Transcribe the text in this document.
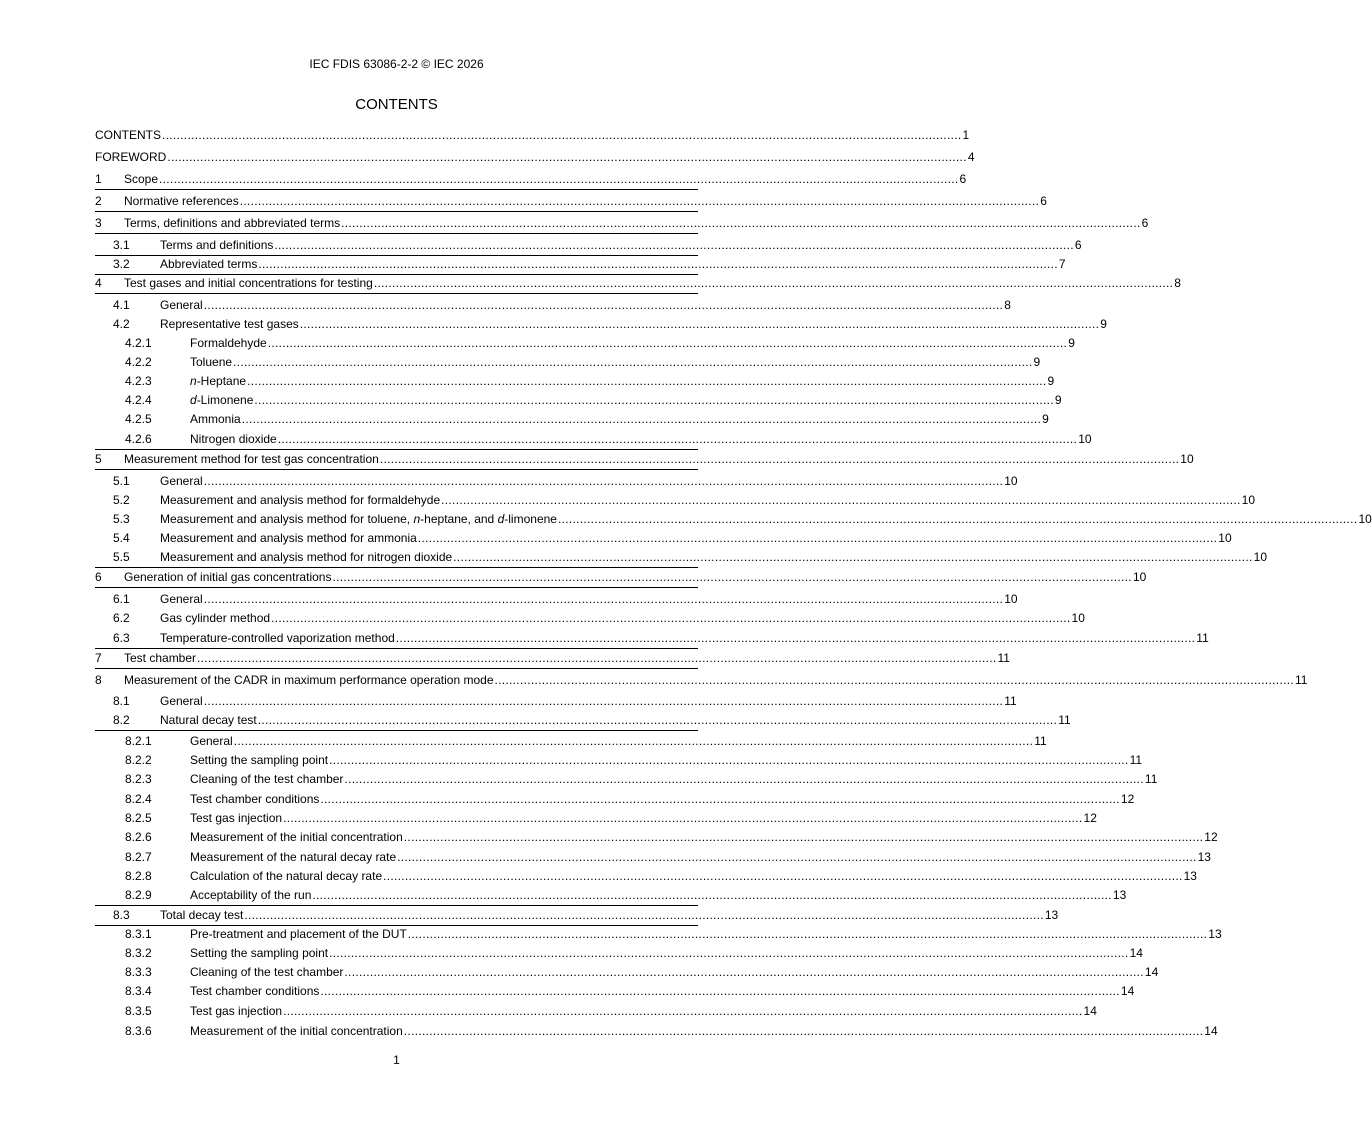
IEC FDIS 63086-2-2 © IEC 2026
CONTENTS
CONTENTS ............................................................................................................................................................................................................................ 1
FOREWORD ............................................................................................................................................................................................................................ 4
1 Scope ............................................................................................................................................................................................................................ 6
2 Normative references ............................................................................................................................................................................................................................ 6
3 Terms, definitions and abbreviated terms ............................................................................................................................................................................................................................ 6
3.1	Terms and definitions ............................................................................................................................................................................................................................ 6
3.2	Abbreviated terms ............................................................................................................................................................................................................................ 7
4 Test gases and initial concentrations for testing ............................................................................................................................................................................................................................ 8
4.1	General ............................................................................................................................................................................................................................ 8
4.2	Representative test gases ............................................................................................................................................................................................................................ 9
4.2.1	Formaldehyde ............................................................................................................................................................................................................................ 9
4.2.2	Toluene ............................................................................................................................................................................................................................ 9
4.2.3	n-Heptane ............................................................................................................................................................................................................................ 9
4.2.4	d-Limonene ............................................................................................................................................................................................................................ 9
4.2.5	Ammonia ............................................................................................................................................................................................................................ 9
4.2.6	Nitrogen dioxide ............................................................................................................................................................................................................................ 10
5 Measurement method for test gas concentration ............................................................................................................................................................................................................................ 10
5.1	General ............................................................................................................................................................................................................................ 10
5.2	Measurement and analysis method for formaldehyde ............................................................................................................................................................................................................................ 10
5.3	Measurement and analysis method for toluene, n-heptane, and d-limonene ............................................................................................................................................................................................................................ 10
5.4	Measurement and analysis method for ammonia ............................................................................................................................................................................................................................ 10
5.5	Measurement and analysis method for nitrogen dioxide ............................................................................................................................................................................................................................ 10
6 Generation of initial gas concentrations ............................................................................................................................................................................................................................ 10
6.1	General ............................................................................................................................................................................................................................ 10
6.2	Gas cylinder method ............................................................................................................................................................................................................................ 10
6.3	Temperature-controlled vaporization method ............................................................................................................................................................................................................................ 11
7 Test chamber ............................................................................................................................................................................................................................ 11
8 Measurement of the CADR in maximum performance operation mode ............................................................................................................................................................................................................................ 11
8.1	General ............................................................................................................................................................................................................................ 11
8.2	Natural decay test ............................................................................................................................................................................................................................ 11
8.2.1	General ............................................................................................................................................................................................................................ 11
8.2.2	Setting the sampling point ............................................................................................................................................................................................................................ 11
8.2.3	Cleaning of the test chamber ............................................................................................................................................................................................................................ 11
8.2.4	Test chamber conditions ............................................................................................................................................................................................................................ 12
8.2.5	Test gas injection ............................................................................................................................................................................................................................ 12
8.2.6	Measurement of the initial concentration ............................................................................................................................................................................................................................ 12
8.2.7	Measurement of the natural decay rate ............................................................................................................................................................................................................................ 13
8.2.8	Calculation of the natural decay rate ............................................................................................................................................................................................................................ 13
8.2.9	Acceptability of the run ............................................................................................................................................................................................................................ 13
8.3	Total decay test ............................................................................................................................................................................................................................ 13
8.3.1	Pre-treatment and placement of the DUT ............................................................................................................................................................................................................................ 13
8.3.2	Setting the sampling point ............................................................................................................................................................................................................................ 14
8.3.3	Cleaning of the test chamber ............................................................................................................................................................................................................................ 14
8.3.4	Test chamber conditions ............................................................................................................................................................................................................................ 14
8.3.5	Test gas injection ............................................................................................................................................................................................................................ 14
8.3.6	Measurement of the initial concentration ............................................................................................................................................................................................................................ 14
1
